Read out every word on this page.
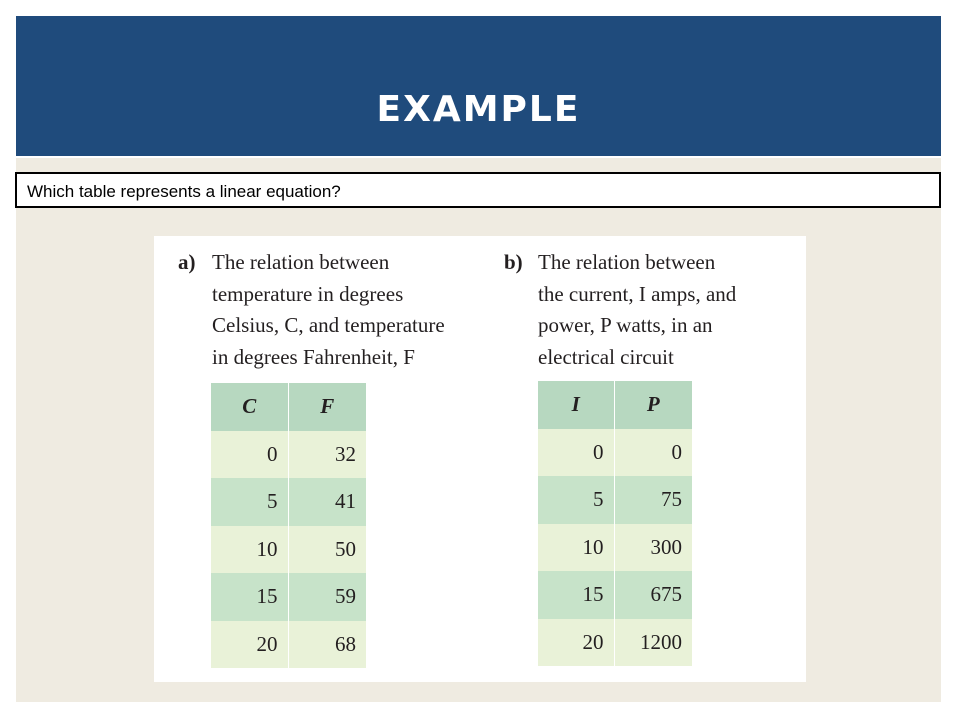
EXAMPLE
Which table represents a linear equation?
a) The relation between
temperature in degrees
Celsius, C, and temperature
in degrees Fahrenheit, F
C	F
0	32
5	41
10	50
15	59
20	68
b) The relation between
the current, I amps, and
power, P watts, in an
electrical circuit
I	P
0	0
5	75
10	300
15	675
20	1200
